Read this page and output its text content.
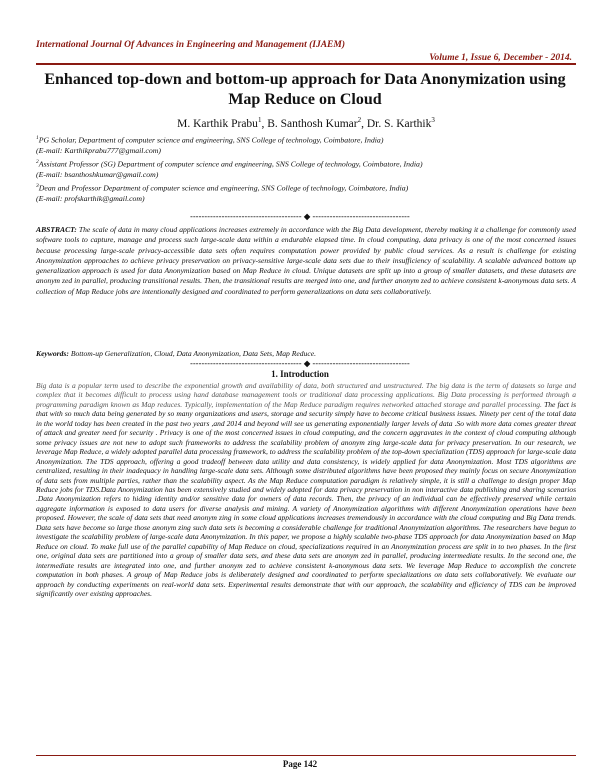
International Journal Of Advances in Engineering and Management (IJAEM)
Volume 1, Issue 6, December - 2014.
Enhanced top-down and bottom-up approach for Data Anonymization using Map Reduce on Cloud
M. Karthik Prabu$^1$, B. Santhosh Kumar$^2$, Dr. S. Karthik$^3$
$^1$PG Scholar, Department of computer science and engineering, SNS College of technology, Coimbatore, India)
(E-mail: Karthikprabu777@gmail.com)
$^2$Assistant Professor (SG) Department of computer science and engineering, SNS College of technology, Coimbatore, India)
(E-mail: bsanthoshkumar@gmail.com)
$^3$Dean and Professor Department of computer science and engineering, SNS College of technology, Coimbatore, India)
(E-mail: profskarthik@gmail.com)
--------------------------------------- ◆ ----------------------------------
ABSTRACT: The scale of data in many cloud applications increases extremely in accordance with the Big Data development, thereby making it a challenge for commonly used software tools to capture, manage and process such large-scale data within a endurable elapsed time. In cloud computing, data privacy is one of the most concerned issues because processing large-scale privacy-accessible data sets often requires computation power provided by public cloud services. As a result is challenge for existing Anonymization approaches to achieve privacy preservation on privacy-sensitive large-scale data sets due to their insufficiency of scalability. A scalable advanced bottom up generalization approach is used for data Anonymization based on Map Reduce in cloud. Unique datasets are split up into a group of smaller datasets, and these datasets are anonym zed in parallel, producing transitional results. Then, the transitional results are merged into one, and further anonym zed to achieve consistent k-anonymous data sets. A collection of Map Reduce jobs are intentionally designed and coordinated to perform generalizations on data sets collaboratively.
Keywords: Bottom-up Generalization, Cloud, Data Anonymization, Data Sets, Map Reduce.
--------------------------------------- ◆ ----------------------------------
1. Introduction

Big data is a popular term used to describe the exponential growth and availability of data, both structured and unstructured. The big data is the term of datasets so large and complex that it becomes difficult to process using hand database management tools or traditional data processing applications. Big Data processing is performed through a programming paradigm known as Map reduces. Typically, implementation of the Map Reduce paradigm requires networked attached storage and parallel processing. The fact is that with so much data being generated by so many organizations and users, storage and security simply have to become critical business issues. Ninety per cent of the total data in the world today has been created in the past two years ,and 2014 and beyond will see us generating exponentially larger levels of data .So with more data comes greater threat of attack and greater need for security . Privacy is one of the most concerned issues in cloud computing, and the concern aggravates in the context of cloud computing although some privacy issues are not new to adopt such frameworks to address the scalability problem of anonym zing large-scale data for privacy preservation. In our research, we leverage Map Reduce, a widely adopted parallel data processing framework, to address the scalability problem of the top-down specialization (TDS) approach for large-scale data Anonymization. The TDS approach, offering a good tradeoff between data utility and data consistency, is widely applied for data Anonymization. Most TDS algorithms are centralized, resulting in their inadequacy in handling large-scale data sets. Although some distributed algorithms have been proposed they mainly focus on secure Anonymization of data sets from multiple parties, rather than the scalability aspect. As the Map Reduce computation paradigm is relatively simple, it is still a challenge to design proper Map Reduce jobs for TDS.Data Anonymization has been extensively studied and widely adopted for data privacy preservation in non interactive data publishing and sharing scenarios .Data Anonymization refers to hiding identity and/or sensitive data for owners of data records. Then, the privacy of an individual can be effectively preserved while certain aggregate information is exposed to data users for diverse analysis and mining. A variety of Anonymization algorithms with different Anonymization operations have been proposed. However, the scale of data sets that need anonym zing in some cloud applications increases tremendously in accordance with the cloud computing and Big Data trends. Data sets have become so large those anonym zing such data sets is becoming a considerable challenge for traditional Anonymization algorithms. The researchers have begun to investigate the scalability problem of large-scale data Anonymization. In this paper, we propose a highly scalable two-phase TDS approach for data Anonymization based on Map Reduce on cloud. To make full use of the parallel capability of Map Reduce on cloud, specializations required in an Anonymization process are split in to two phases. In the first one, original data sets are partitioned into a group of smaller data sets, and these data sets are anonym zed in parallel, producing intermediate results. In the second one, the intermediate results are integrated into one, and further anonym zed to achieve consistent k-anonymous data sets. We leverage Map Reduce to accomplish the concrete computation in both phases. A group of Map Reduce jobs is deliberately designed and coordinated to perform specializations on data sets collaboratively. We evaluate our approach by conducting experiments on real-world data sets. Experimental results demonstrate that with our approach, the scalability and efficiency of TDS can be improved significantly over existing approaches.

Page 142
